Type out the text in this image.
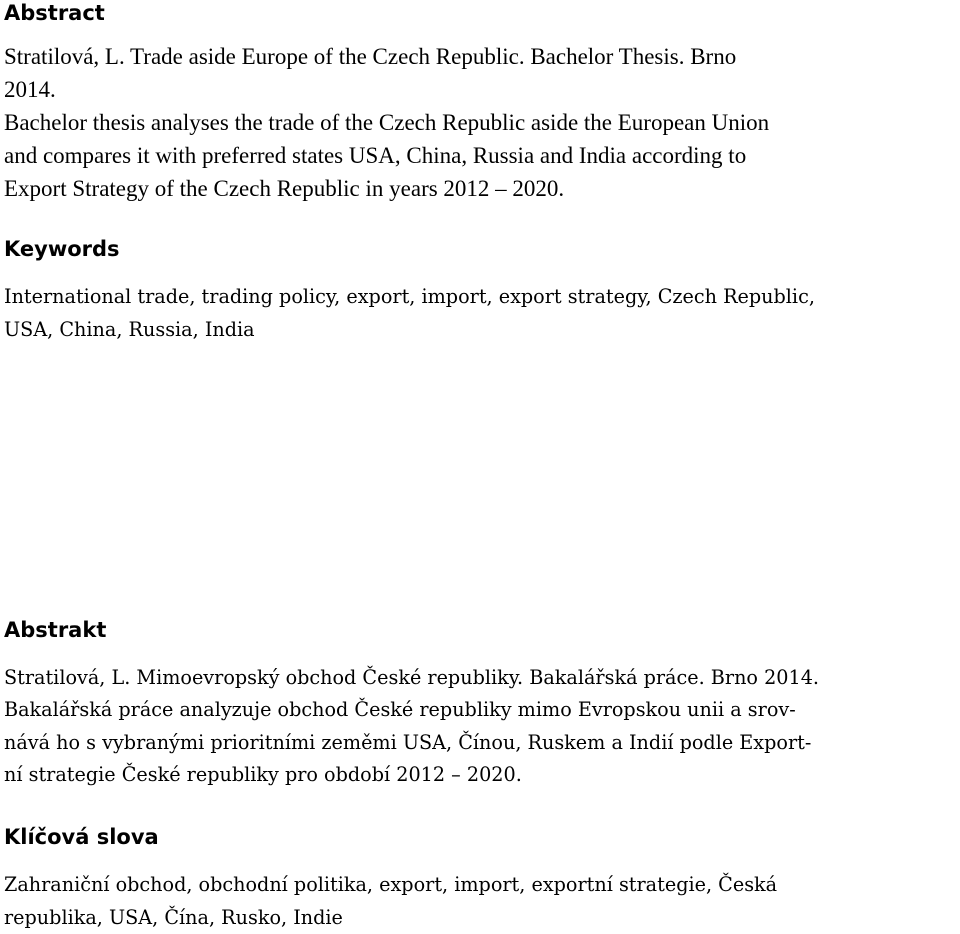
Abstract
Stratilová, L. Trade aside Europe of the Czech Republic. Bachelor Thesis. Brno
2014.
Bachelor thesis analyses the trade of the Czech Republic aside the European Union
and compares it with preferred states USA, China, Russia and India according to
Export Strategy of the Czech Republic in years 2012 – 2020.
Keywords
International trade, trading policy, export, import, export strategy, Czech Republic,
USA, China, Russia, India
Abstrakt
Stratilová, L. Mimoevropský obchod České republiky. Bakalářská práce. Brno 2014.
Bakalářská práce analyzuje obchod České republiky mimo Evropskou unii a srov-
nává ho s vybranými prioritními zeměmi USA, Čínou, Ruskem a Indií podle Export-
ní strategie České republiky pro období 2012 – 2020.
Klíčová slova
Zahraniční obchod, obchodní politika, export, import, exportní strategie, Česká
republika, USA, Čína, Rusko, Indie
